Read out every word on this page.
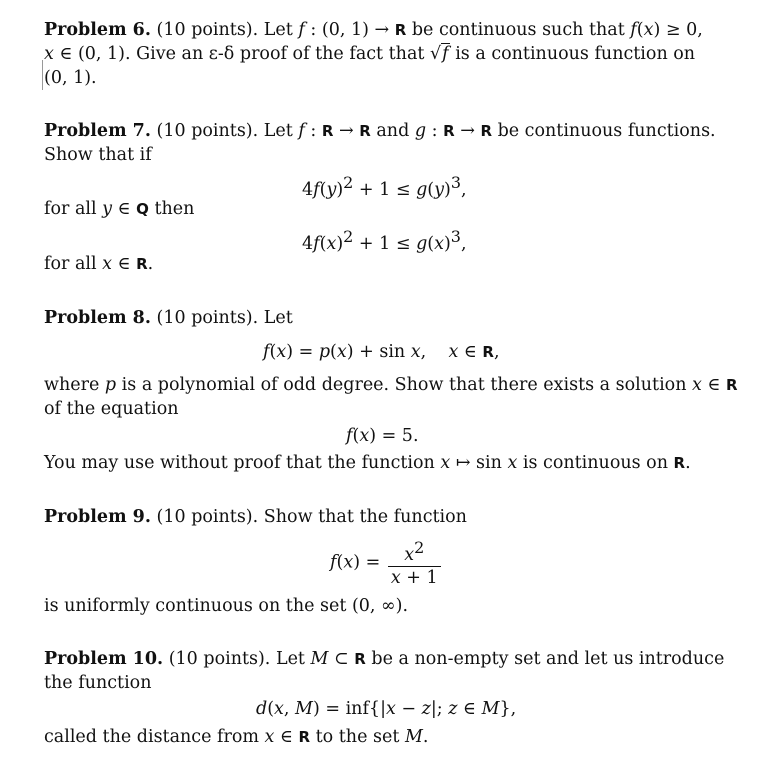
Problem 6. (10 points). Let f : (0, 1) → R be continuous such that f(x) ≥ 0,
x ∈ (0, 1). Give an ε-δ proof of the fact that √f is a continuous function on
(0, 1).
Problem 7. (10 points). Let f : R → R and g : R → R be continuous functions.
Show that if
$4f(y)^2 + 1 \le g(y)^3$,
for all y ∈ Q then
$4f(x)^2 + 1 \le g(x)^3$,
for all x ∈ R.
Problem 8. (10 points). Let
f(x) = p(x) + sin x,    x ∈ R,
where p is a polynomial of odd degree. Show that there exists a solution x ∈ R
of the equation
f(x) = 5.
You may use without proof that the function x ↦ sin x is continuous on R.
Problem 9. (10 points). Show that the function
$f(x) = \frac{x^2}{x + 1}$
is uniformly continuous on the set (0, ∞).
Problem 10. (10 points). Let M ⊂ R be a non-empty set and let us introduce
the function
d(x, M) = inf{|x − z|; z ∈ M},
called the distance from x ∈ R to the set M.
